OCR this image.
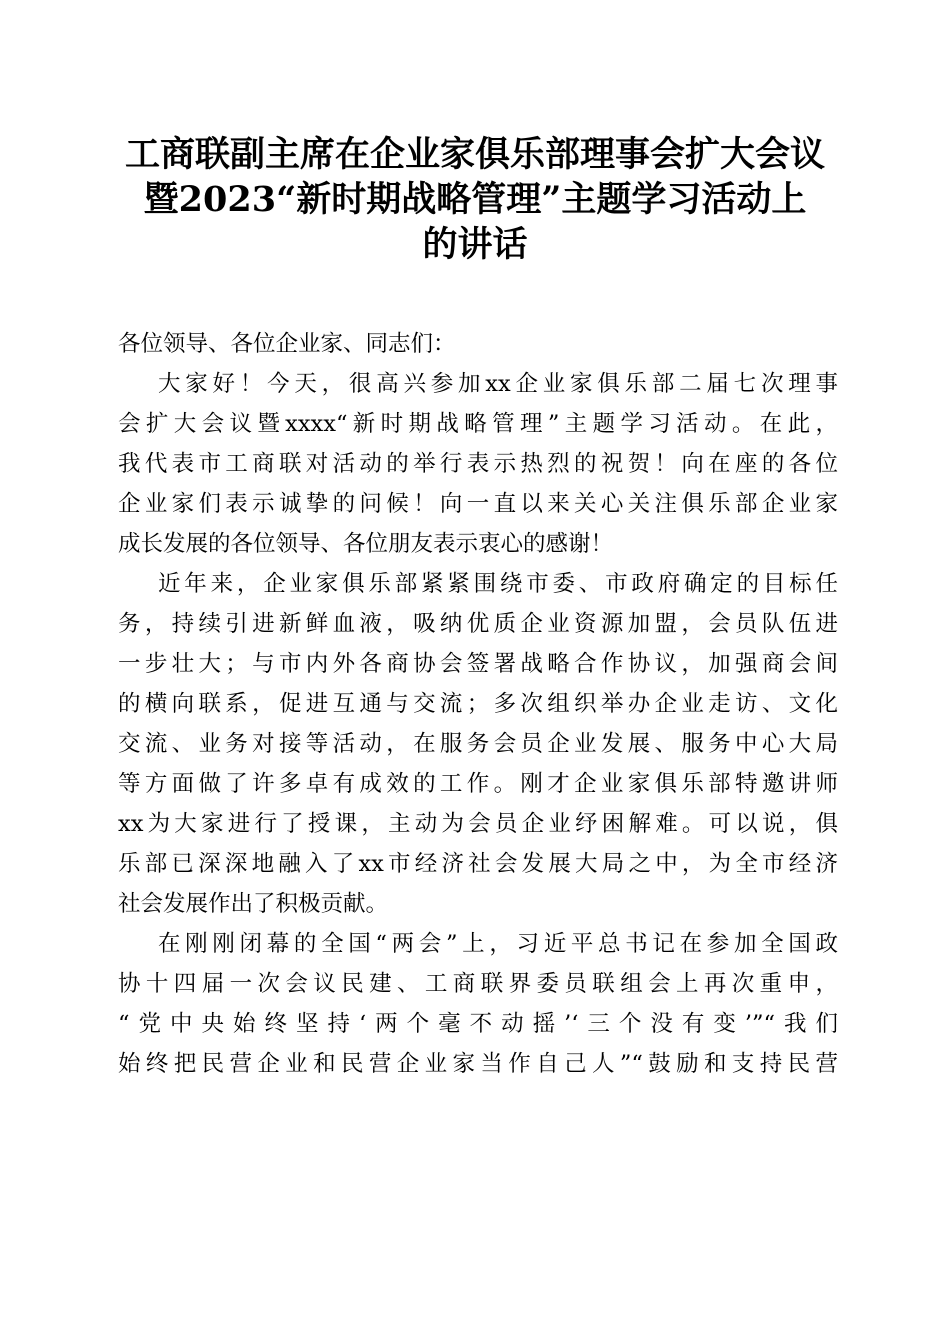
工商联副主席在企业家俱乐部理事会扩大会议
暨2023“新时期战略管理”主题学习活动上
的讲话
各位领导、各位企业家、同志们：
大家好！今天，很高兴参加xx企业家俱乐部二届七次理事
会扩大会议暨xxxx“新时期战略管理”主题学习活动。在此，
我代表市工商联对活动的举行表示热烈的祝贺！向在座的各位
企业家们表示诚挚的问候！向一直以来关心关注俱乐部企业家
成长发展的各位领导、各位朋友表示衷心的感谢！
近年来，企业家俱乐部紧紧围绕市委、市政府确定的目标任
务，持续引进新鲜血液，吸纳优质企业资源加盟，会员队伍进
一步壮大；与市内外各商协会签署战略合作协议，加强商会间
的横向联系，促进互通与交流；多次组织举办企业走访、文化
交流、业务对接等活动，在服务会员企业发展、服务中心大局
等方面做了许多卓有成效的工作。刚才企业家俱乐部特邀讲师
xx为大家进行了授课，主动为会员企业纾困解难。可以说，俱
乐部已深深地融入了xx市经济社会发展大局之中，为全市经济
社会发展作出了积极贡献。
在刚刚闭幕的全国“两会”上，习近平总书记在参加全国政
协十四届一次会议民建、工商联界委员联组会上再次重申，
“党中央始终坚持‘两个毫不动摇’‘三个没有变’”“我们
始终把民营企业和民营企业家当作自己人”“鼓励和支持民营
